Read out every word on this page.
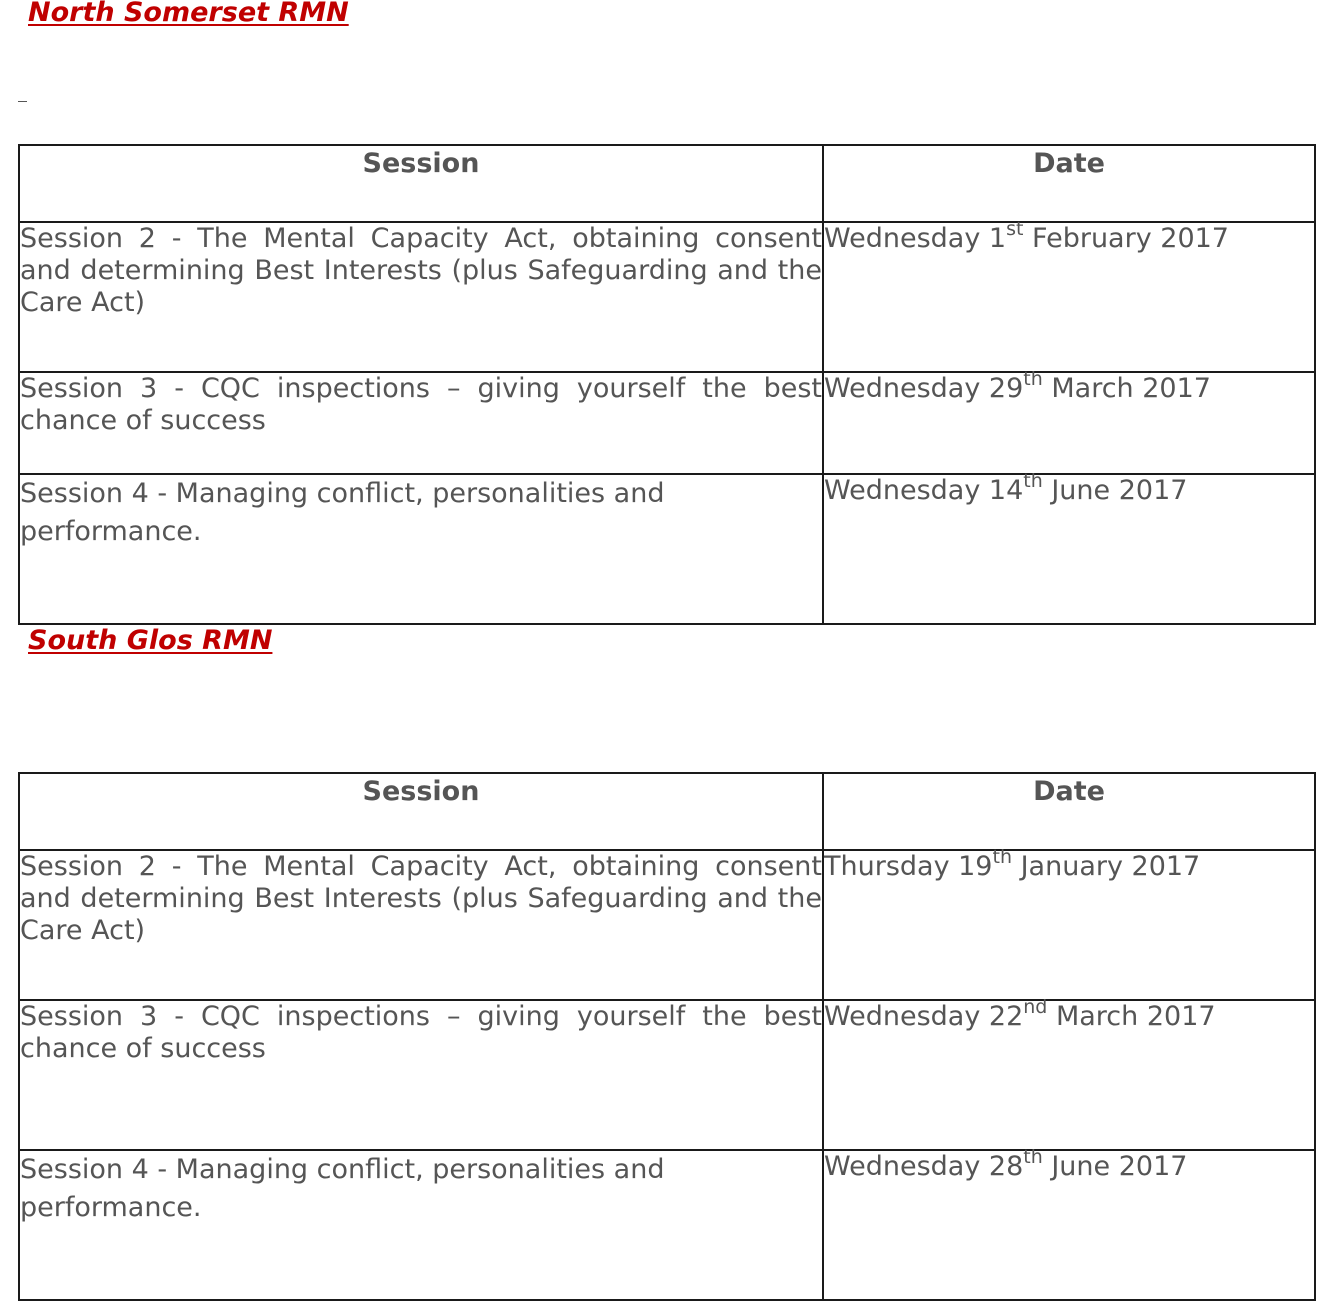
North Somerset RMN
Session	Date
Session 2 - The Mental Capacity Act, obtaining consent and determining Best Interests (plus Safeguarding and the Care Act)	Wednesday 1st February 2017
Session 3 - CQC inspections – giving yourself the best chance of success	Wednesday 29th March 2017
Session 4 - Managing conflict, personalities and performance.	Wednesday 14th June 2017
South Glos RMN
Session	Date
Session 2 - The Mental Capacity Act, obtaining consent and determining Best Interests (plus Safeguarding and the Care Act)	Thursday 19th January 2017
Session 3 - CQC inspections – giving yourself the best chance of success	Wednesday 22nd March 2017
Session 4 - Managing conflict, personalities and performance.	Wednesday 28th June 2017
